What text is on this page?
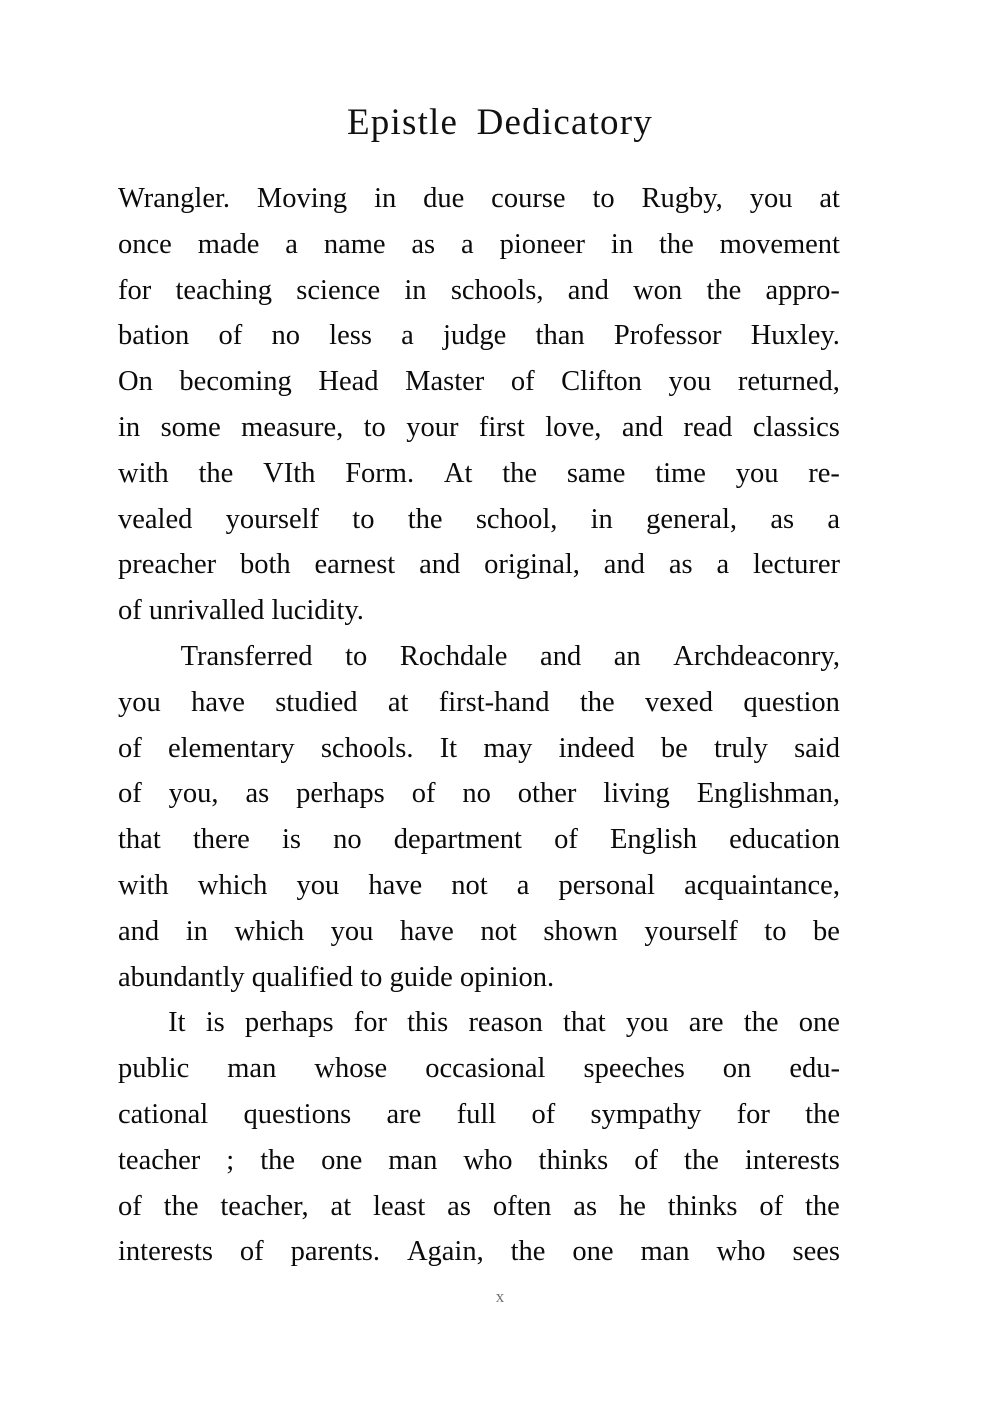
Epistle Dedicatory

Wrangler. Moving in due course to Rugby, you at
once made a name as a pioneer in the movement
for teaching science in schools, and won the appro-
bation of no less a judge than Professor Huxley.
On becoming Head Master of Clifton you returned,
in some measure, to your first love, and read classics
with the VIth Form. At the same time you re-
vealed yourself to the school, in general, as a
preacher both earnest and original, and as a lecturer
of unrivalled lucidity.

Transferred to Rochdale and an Archdeaconry,
you have studied at first-hand the vexed question
of elementary schools. It may indeed be truly said
of you, as perhaps of no other living Englishman,
that there is no department of English education
with which you have not a personal acquaintance,
and in which you have not shown yourself to be
abundantly qualified to guide opinion.

It is perhaps for this reason that you are the one
public man whose occasional speeches on edu-
cational questions are full of sympathy for the
teacher ; the one man who thinks of the interests
of the teacher, at least as often as he thinks of the
interests of parents. Again, the one man who sees

x
